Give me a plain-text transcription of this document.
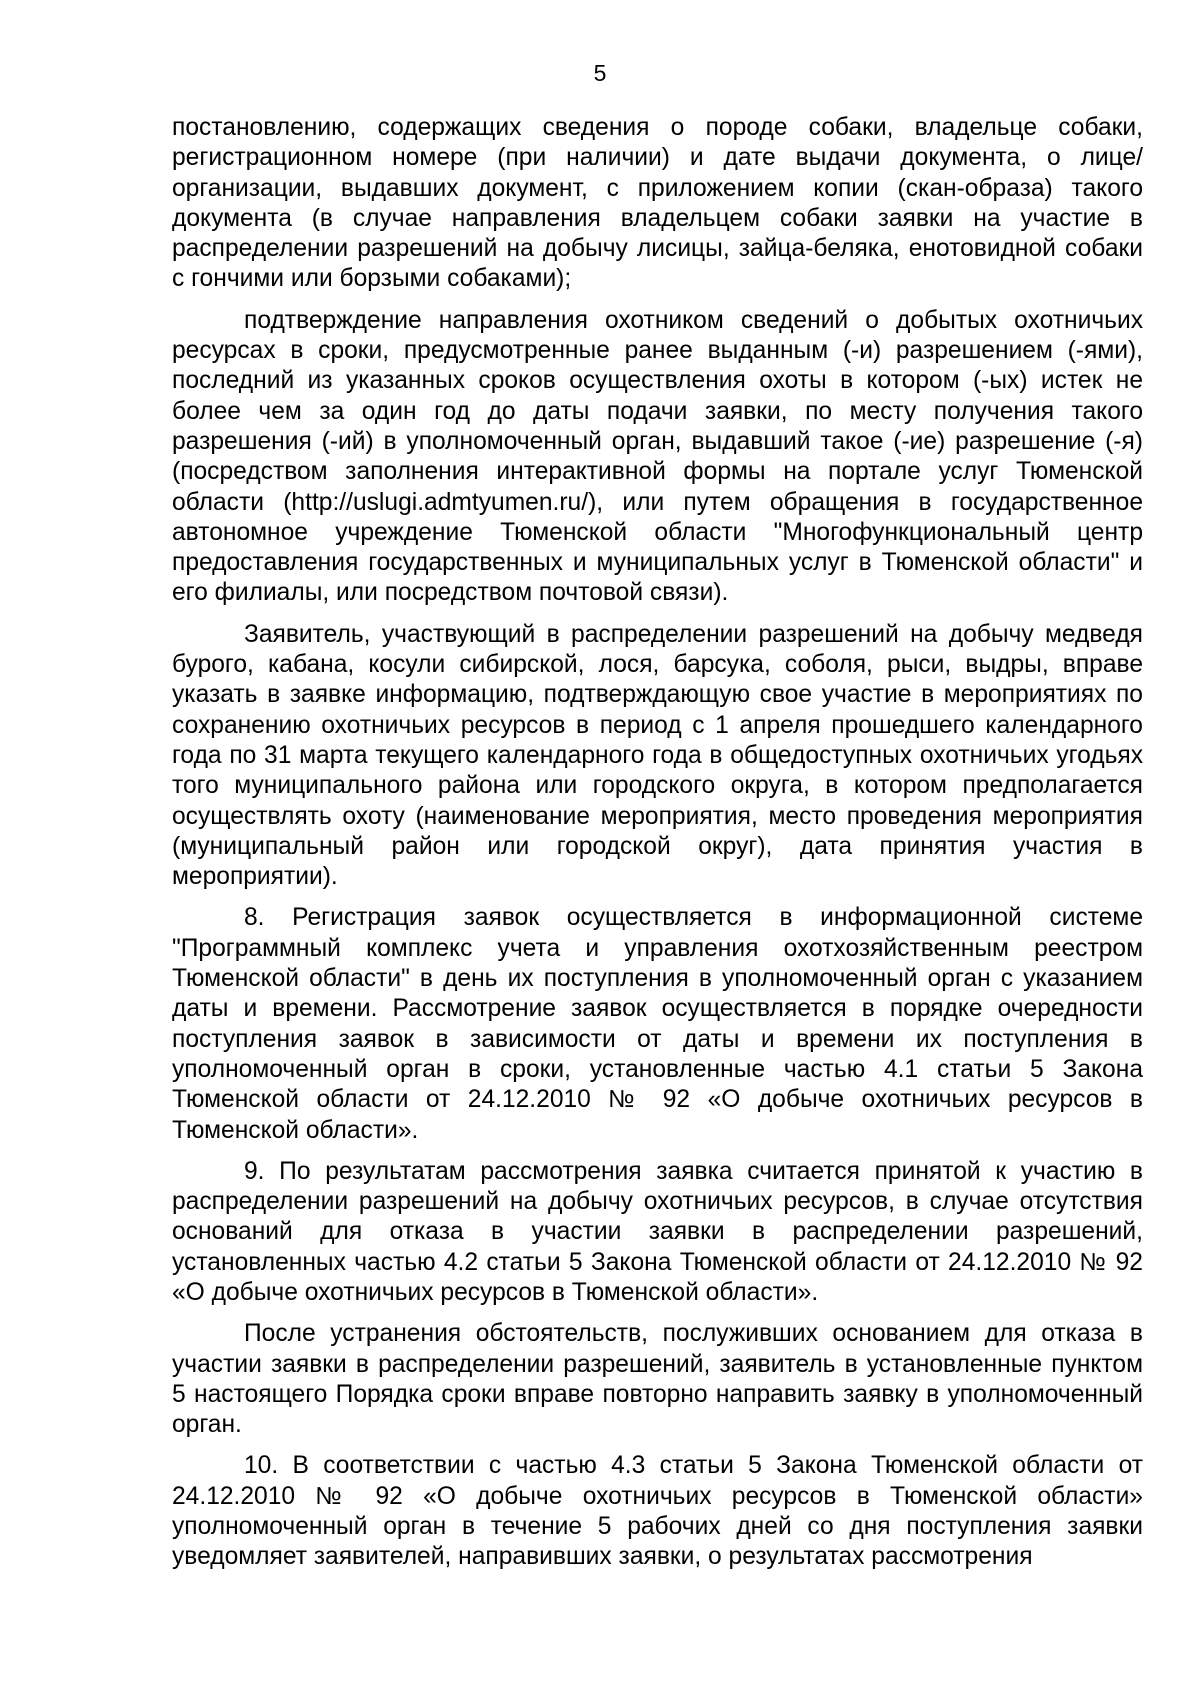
5

постановлению, содержащих сведения о породе собаки, владельце собаки, регистрационном номере (при наличии) и дате выдачи документа, о лице/организации, выдавших документ, с приложением копии (скан-образа) такого документа (в случае направления владельцем собаки заявки на участие в распределении разрешений на добычу лисицы, зайца-беляка, енотовидной собаки с гончими или борзыми собаками);

подтверждение направления охотником сведений о добытых охотничьих ресурсах в сроки, предусмотренные ранее выданным (-и) разрешением (-ями), последний из указанных сроков осуществления охоты в котором (-ых) истек не более чем за один год до даты подачи заявки, по месту получения такого разрешения (-ий) в уполномоченный орган, выдавший такое (-ие) разрешение (-я) (посредством заполнения интерактивной формы на портале услуг Тюменской области (http://uslugi.admtyumen.ru/), или путем обращения в государственное автономное учреждение Тюменской области "Многофункциональный центр предоставления государственных и муниципальных услуг в Тюменской области" и его филиалы, или посредством почтовой связи).

Заявитель, участвующий в распределении разрешений на добычу медведя бурого, кабана, косули сибирской, лося, барсука, соболя, рыси, выдры, вправе указать в заявке информацию, подтверждающую свое участие в мероприятиях по сохранению охотничьих ресурсов в период с 1 апреля прошедшего календарного года по 31 марта текущего календарного года в общедоступных охотничьих угодьях того муниципального района или городского округа, в котором предполагается осуществлять охоту (наименование мероприятия, место проведения мероприятия (муниципальный район или городской округ), дата принятия участия в мероприятии).

8. Регистрация заявок осуществляется в информационной системе "Программный комплекс учета и управления охотхозяйственным реестром Тюменской области" в день их поступления в уполномоченный орган с указанием даты и времени. Рассмотрение заявок осуществляется в порядке очередности поступления заявок в зависимости от даты и времени их поступления в уполномоченный орган в сроки, установленные частью 4.1 статьи 5 Закона Тюменской области от 24.12.2010 № 92 «О добыче охотничьих ресурсов в Тюменской области».

9. По результатам рассмотрения заявка считается принятой к участию в распределении разрешений на добычу охотничьих ресурсов, в случае отсутствия оснований для отказа в участии заявки в распределении разрешений, установленных частью 4.2 статьи 5 Закона Тюменской области от 24.12.2010 № 92 «О добыче охотничьих ресурсов в Тюменской области».

После устранения обстоятельств, послуживших основанием для отказа в участии заявки в распределении разрешений, заявитель в установленные пунктом 5 настоящего Порядка сроки вправе повторно направить заявку в уполномоченный орган.

10. В соответствии с частью 4.3 статьи 5 Закона Тюменской области от 24.12.2010 № 92 «О добыче охотничьих ресурсов в Тюменской области» уполномоченный орган в течение 5 рабочих дней со дня поступления заявки уведомляет заявителей, направивших заявки, о результатах рассмотрения
